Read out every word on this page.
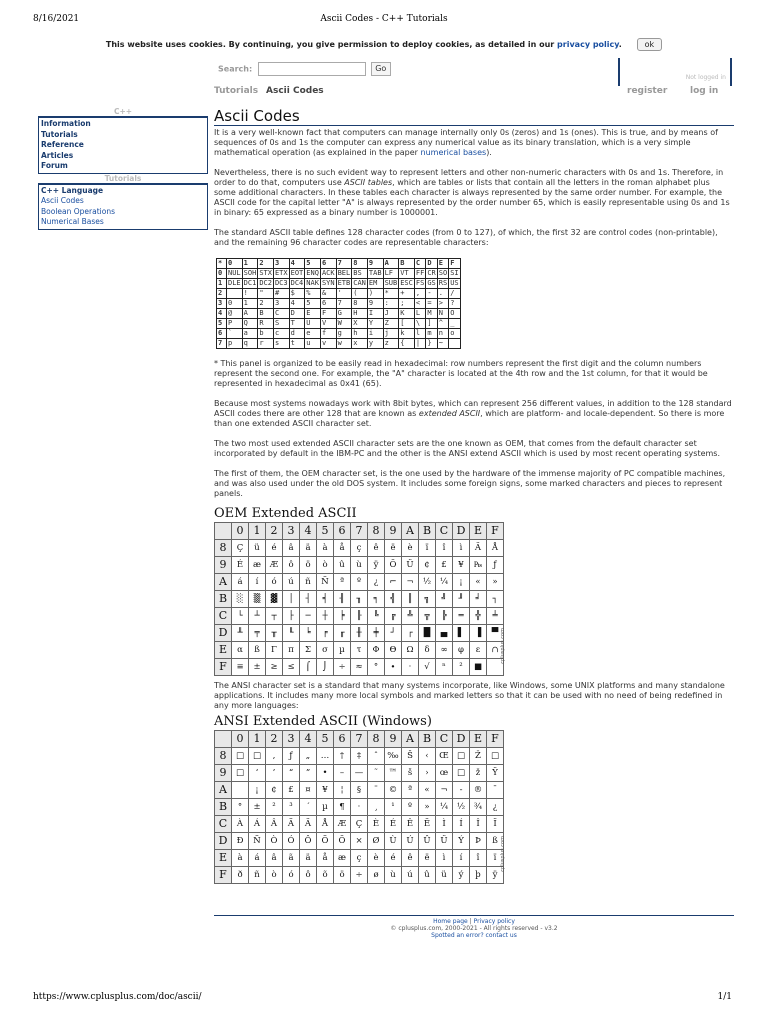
8/16/2021	Ascii Codes - C++ Tutorials
This website uses cookies. By continuing, you give permission to deploy cookies, as detailed in our privacy policy.	ok
Search:	Go
Not logged in
Tutorials Ascii Codes	register	log in
C++
Information
Tutorials
Reference
Articles
Forum
Tutorials
C++ Language
Ascii Codes
Boolean Operations
Numerical Bases
Ascii Codes

It is a very well-known fact that computers can manage internally only 0s (zeros) and 1s (ones). This is true, and by means of sequences of 0s and 1s the computer can express any numerical value as its binary translation, which is a very simple mathematical operation (as explained in the paper numerical bases).

Nevertheless, there is no such evident way to represent letters and other non-numeric characters with 0s and 1s. Therefore, in order to do that, computers use ASCII tables, which are tables or lists that contain all the letters in the roman alphabet plus some additional characters. In these tables each character is always represented by the same order number. For example, the ASCII code for the capital letter "A" is always represented by the order number 65, which is easily representable using 0s and 1s in binary: 65 expressed as a binary number is 1000001.

The standard ASCII table defines 128 character codes (from 0 to 127), of which, the first 32 are control codes (non-printable), and the remaining 96 character codes are representable characters:

*	0	1	2	3	4	5	6	7	8	9	A	B	C	D	E	F
0	NUL	SOH	STX	ETX	EOT	ENQ	ACK	BEL	BS	TAB	LF	VT	FF	CR	SO	SI
1	DLE	DC1	DC2	DC3	DC4	NAK	SYN	ETB	CAN	EM	SUB	ESC	FS	GS	RS	US
2		!	"	#	$	%	&	'	(	)	*	+	,	-	.	/
3	0	1	2	3	4	5	6	7	8	9	:	;	<	=	>	?
4	@	A	B	C	D	E	F	G	H	I	J	K	L	M	N	O
5	P	Q	R	S	T	U	V	W	X	Y	Z	[	\	]	^	_
6	`	a	b	c	d	e	f	g	h	i	j	k	l	m	n	o
7	p	q	r	s	t	u	v	w	x	y	z	{	|	}	~	

* This panel is organized to be easily read in hexadecimal: row numbers represent the first digit and the column numbers represent the second one. For example, the "A" character is located at the 4th row and the 1st column, for that it would be represented in hexadecimal as 0x41 (65).

Because most systems nowadays work with 8bit bytes, which can represent 256 different values, in addition to the 128 standard ASCII codes there are other 128 that are known as extended ASCII, which are platform- and locale-dependent. So there is more than one extended ASCII character set.

The two most used extended ASCII character sets are the one known as OEM, that comes from the default character set incorporated by default in the IBM-PC and the other is the ANSI extend ASCII which is used by most recent operating systems.

The first of them, the OEM character set, is the one used by the hardware of the immense majority of PC compatible machines, and was also used under the old DOS system. It includes some foreign signs, some marked characters and pieces to represent panels.

OEM Extended ASCII
	0	1	2	3	4	5	6	7	8	9	A	B	C	D	E	F
8	Ç	ü	é	â	ä	à	å	ç	ê	ë	è	ï	î	ì	Ä	Å
9	É	æ	Æ	ô	ö	ò	û	ù	ÿ	Ö	Ü	¢	£	¥	₧	ƒ
A	á	í	ó	ú	ñ	Ñ	ª	º	¿	⌐	¬	½	¼	¡	«	»
B	░	▒	▓	│	┤	╡	╢	╖	╕	╣	║	╗	╝	╜	╛	┐
C	└	┴	┬	├	─	┼	╞	╟	╚	╔	╩	╦	╠	═	╬	╧
D	╨	╤	╥	╙	╘	╒	╓	╫	╪	┘	┌	█	▄	▌	▐	▀
E	α	ß	Γ	π	Σ	σ	µ	τ	Φ	Θ	Ω	δ	∞	φ	ε	∩
F	≡	±	≥	≤	⌠	⌡	÷	≈	°	∙	·	√	ⁿ	²	■	
cplusplus.com

The ANSI character set is a standard that many systems incorporate, like Windows, some UNIX platforms and many standalone applications. It includes many more local symbols and marked letters so that it can be used with no need of being redefined in any more languages:

ANSI Extended ASCII (Windows)
	0	1	2	3	4	5	6	7	8	9	A	B	C	D	E	F
8	□	□	‚	ƒ	„	…	†	‡	ˆ	‰	Š	‹	Œ	□	Ž	□
9	□	‘	’	“	”	•	–	—	˜	™	š	›	œ	□	ž	Ÿ
A		¡	¢	£	¤	¥	¦	§	¨	©	ª	«	¬	-	®	¯
B	°	±	²	³	´	µ	¶	·	¸	¹	º	»	¼	½	¾	¿
C	À	Á	Â	Ã	Ä	Å	Æ	Ç	È	É	Ê	Ë	Ì	Í	Î	Ï
D	Ð	Ñ	Ò	Ó	Ô	Õ	Ö	×	Ø	Ù	Ú	Û	Ü	Ý	Þ	ß
E	à	á	â	ã	ä	å	æ	ç	è	é	ê	ë	ì	í	î	ï
F	ð	ñ	ò	ó	ô	õ	ö	÷	ø	ù	ú	û	ü	ý	þ	ÿ
cplusplus.com
Home page | Privacy policy
© cplusplus.com, 2000-2021 - All rights reserved - v3.2
Spotted an error? contact us
https://www.cplusplus.com/doc/ascii/	1/1
